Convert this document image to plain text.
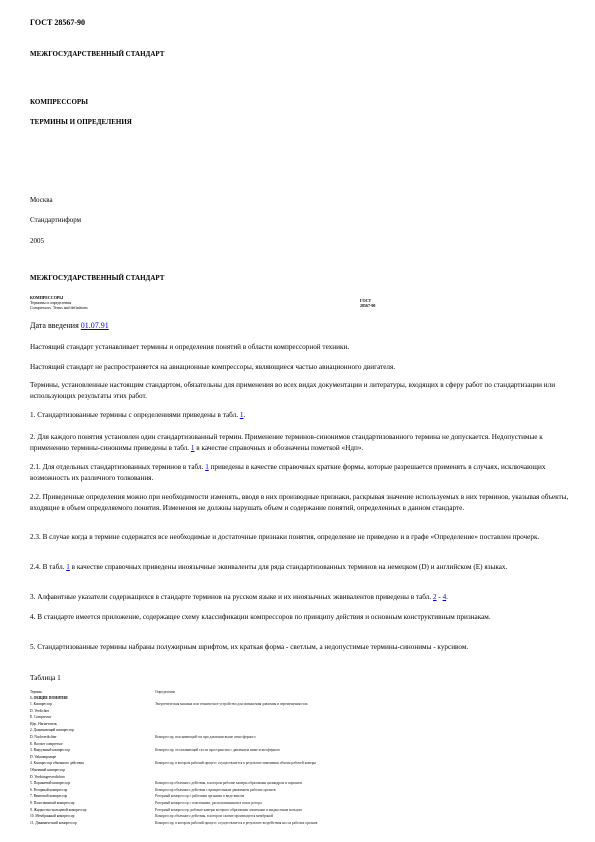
ГОСТ 28567-90
МЕЖГОСУДАРСТВЕННЫЙ СТАНДАРТ
КОМПРЕССОРЫ
ТЕРМИНЫ И ОПРЕДЕЛЕНИЯ
Москва
Стандартинформ
2005
МЕЖГОСУДАРСТВЕННЫЙ СТАНДАРТ
КОМПРЕССОРЫ
Термины и определения
Compressors. Terms and definitions
ГОСТ
28567-90
Дата введения 01.07.91
Настоящий стандарт устанавливает термины и определения понятий в области компрессорной техники.
Настоящий стандарт не распространяется на авиационные компрессоры, являющиеся частью авиационного двигателя.
Термины, установленные настоящим стандартом, обязательны для применения во всех видах документации и литературы, входящих в сферу работ по стандартизации или использующих результаты этих работ.
1. Стандартизованные термины с определениями приведены в табл. 1.
2. Для каждого понятия установлен один стандартизованный термин. Применение терминов-синонимов стандартизованного термина не допускается. Недопустимые к применению термины-синонимы приведены в табл. 1 в качестве справочных и обозначены пометкой «Ндп».
2.1. Для отдельных стандартизованных терминов в табл. 1 приведены в качестве справочных краткие формы, которые разрешается применять в случаях, исключающих возможность их различного толкования.
2.2. Приведенные определения можно при необходимости изменять, вводя в них производные признаки, раскрывая значение используемых в них терминов, указывая объекты, входящие в объем определяемого понятия. Изменения не должны нарушать объем и содержание понятий, определенных в данном стандарте.
2.3. В случае когда в термине содержатся все необходимые и достаточные признаки понятия, определение не приведено и в графе «Определение» поставлен прочерк.
2.4. В табл. 1 в качестве справочных приведены иноязычные эквиваленты для ряда стандартизованных терминов на немецком (D) и английском (E) языках.
3. Алфавитные указатели содержащихся в стандарте терминов на русском языке и их иноязычных эквивалентов приведены в табл. 2 - 4.
4. В стандарте имеется приложение, содержащее схему классификации компрессоров по принципу действия и основным конструктивным признакам.
5. Стандартизованные термины набраны полужирным шрифтом, их краткая форма - светлым, а недопустимые термины-синонимы - курсивом.
Таблица 1
Термин	Определение
1. ОБЩИЕ ПОНЯТИЯ
1. Компрессор	Энергетическая машина или техническое устройство для повышения давления и перемещения газа
D. Verdichter
E. Compressor
Ндп. Нагнетатель
2. Дожимающий компрессор
D. Nachverdichter	Компрессор, всасывающий газ при давлении выше атмосферного
E. Booster compressor
3. Вакуумный компрессор	Компрессор, отсасывающий газ из пространства с давлением ниже атмосферного
D. Vakuumpumpe
4. Компрессор объемного действия	Компрессор, в котором рабочий процесс осуществляется в результате изменения объема рабочей камеры
Объемный компрессор
D. Verdrängerverdichter
5. Поршневой компрессор	Компрессор объемного действия, в котором рабочие камеры образованы цилиндром и поршнем
6. Роторный компрессор	Компрессор объемного действия с вращательным движением рабочих органов
7. Винтовой компрессор	Роторный компрессор с рабочими органами в виде винтов
8. Пластинчатый компрессор	Роторный компрессор с пластинами, расположенными в пазах ротора
9. Жидкостно-кольцевой компрессор	Роторный компрессор, рабочие камеры которого образованы лопатками и жидкостным кольцом
10. Мембранный компрессор	Компрессор объемного действия, в котором сжатие производится мембраной
11. Динамический компрессор	Компрессор, в котором рабочий процесс осуществляется в результате воздействия на газ рабочих органов
